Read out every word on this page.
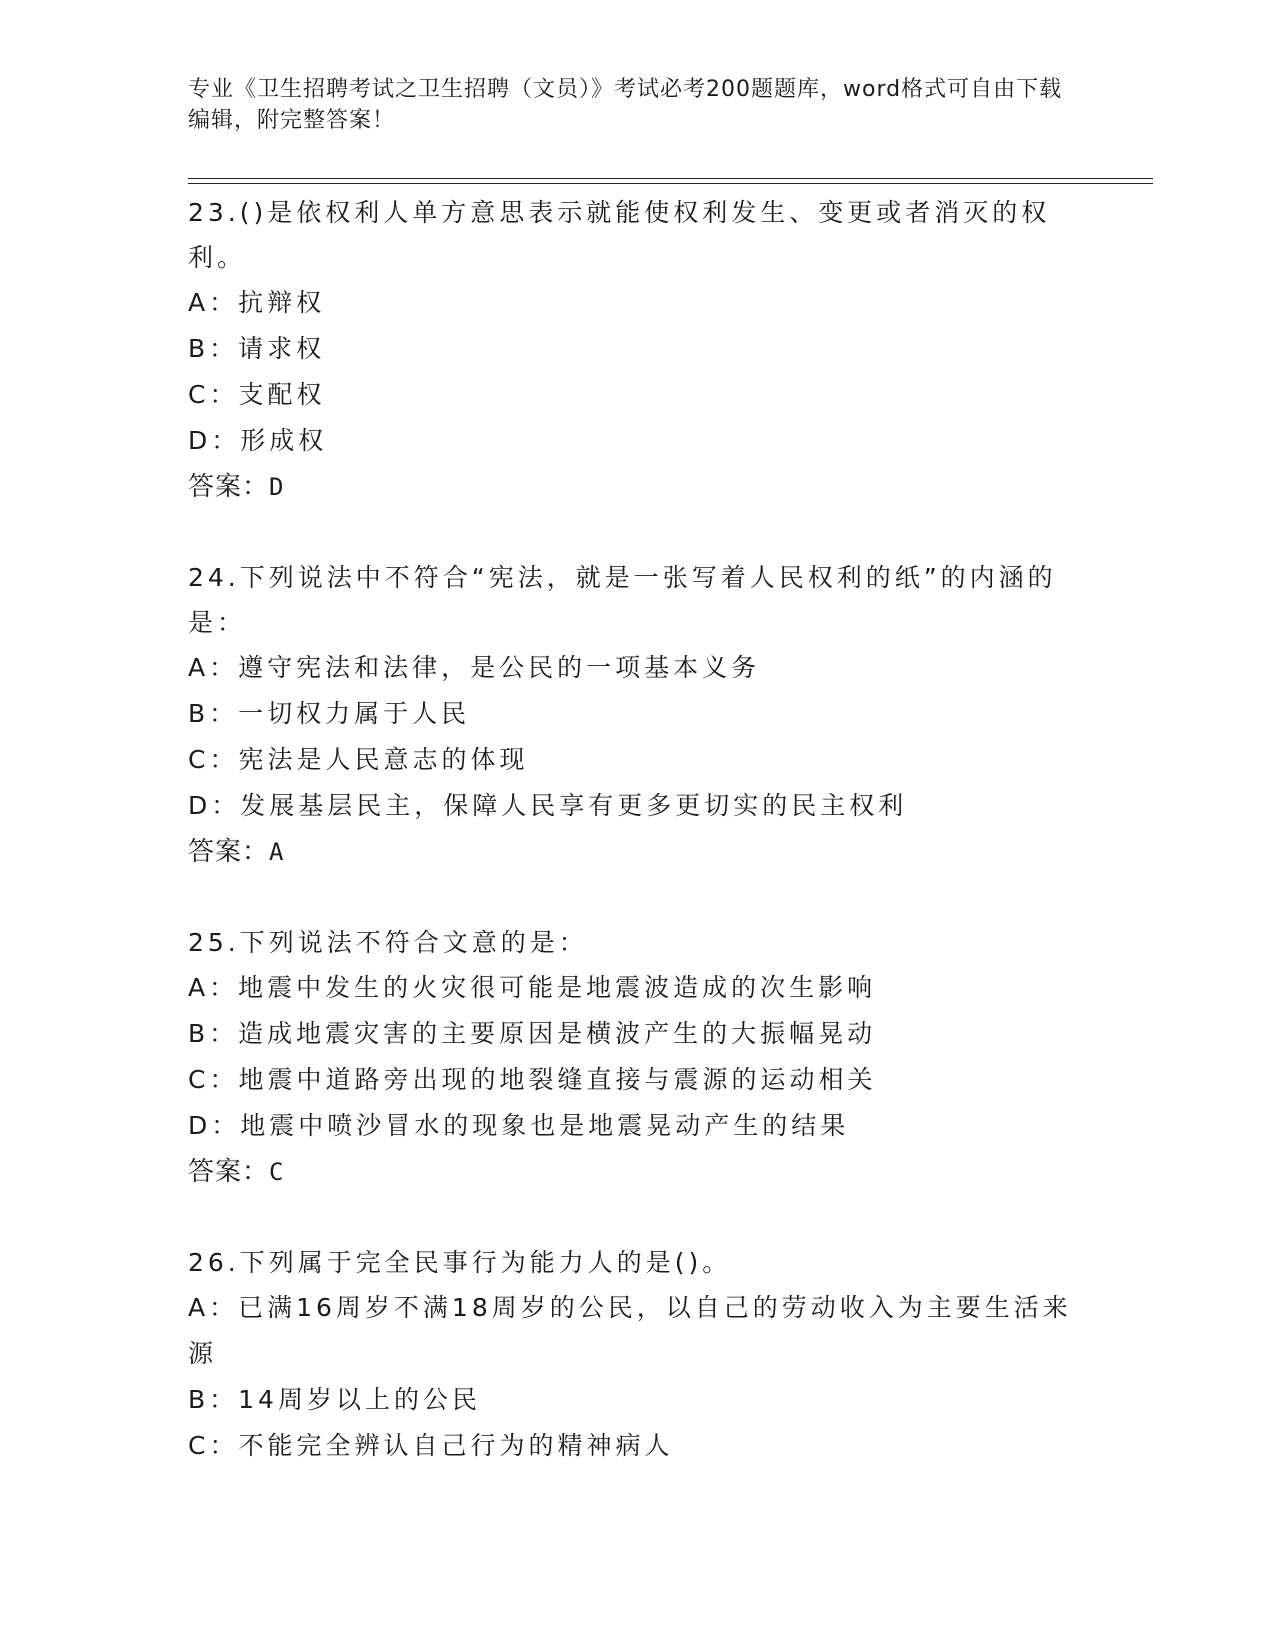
专业《卫生招聘考试之卫生招聘（文员）》考试必考200题题库，word格式可自由下载编辑，附完整答案！
23.()是依权利人单方意思表示就能使权利发生、变更或者消灭的权利。
A：抗辩权
B：请求权
C：支配权
D：形成权
答案：D
24.下列说法中不符合“宪法，就是一张写着人民权利的纸”的内涵的是：
A：遵守宪法和法律，是公民的一项基本义务
B：一切权力属于人民
C：宪法是人民意志的体现
D：发展基层民主，保障人民享有更多更切实的民主权利
答案：A
25.下列说法不符合文意的是：
A：地震中发生的火灾很可能是地震波造成的次生影响
B：造成地震灾害的主要原因是横波产生的大振幅晃动
C：地震中道路旁出现的地裂缝直接与震源的运动相关
D：地震中喷沙冒水的现象也是地震晃动产生的结果
答案：C
26.下列属于完全民事行为能力人的是()。
A：已满16周岁不满18周岁的公民，以自己的劳动收入为主要生活来源
B：14周岁以上的公民
C：不能完全辨认自己行为的精神病人
